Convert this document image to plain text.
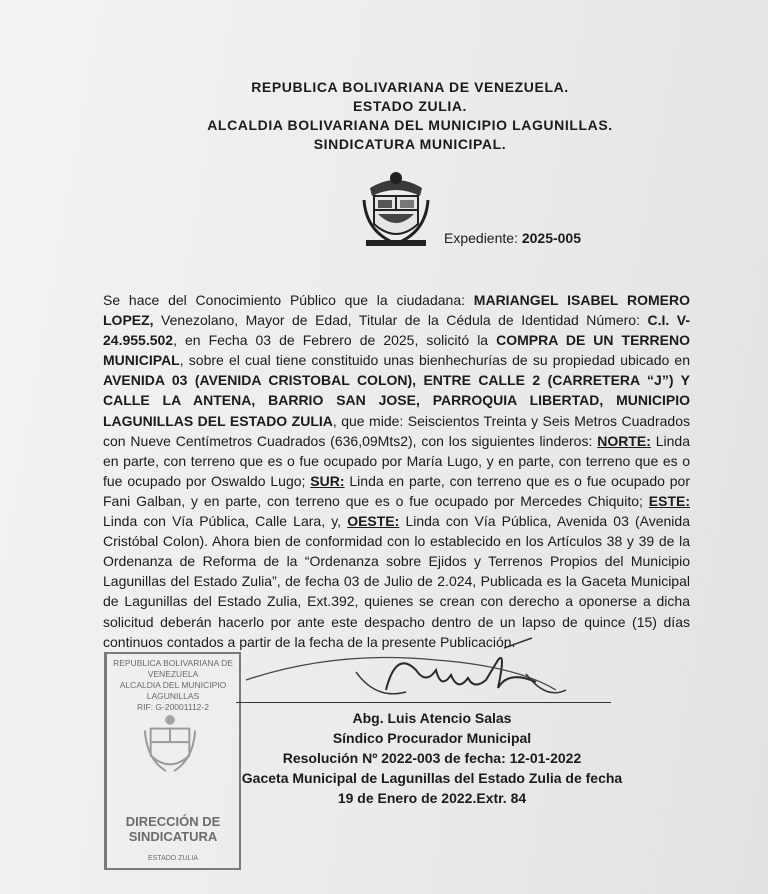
REPUBLICA BOLIVARIANA DE VENEZUELA.
ESTADO ZULIA.
ALCALDIA BOLIVARIANA DEL MUNICIPIO LAGUNILLAS.
SINDICATURA MUNICIPAL.
Expediente: 2025-005
Se hace del Conocimiento Público que la ciudadana: MARIANGEL ISABEL ROMERO LOPEZ, Venezolano, Mayor de Edad, Titular de la Cédula de Identidad Número: C.I. V-24.955.502, en Fecha 03 de Febrero de 2025, solicitó la COMPRA DE UN TERRENO MUNICIPAL, sobre el cual tiene constituido unas bienhechurías de su propiedad ubicado en AVENIDA 03 (AVENIDA CRISTOBAL COLON), ENTRE CALLE 2 (CARRETERA “J”) Y CALLE LA ANTENA, BARRIO SAN JOSE, PARROQUIA LIBERTAD, MUNICIPIO LAGUNILLAS DEL ESTADO ZULIA, que mide: Seiscientos Treinta y Seis Metros Cuadrados con Nueve Centímetros Cuadrados (636,09Mts2), con los siguientes linderos: NORTE: Linda en parte, con terreno que es o fue ocupado por María Lugo, y en parte, con terreno que es o fue ocupado por Oswaldo Lugo; SUR: Linda en parte, con terreno que es o fue ocupado por Fani Galban, y en parte, con terreno que es o fue ocupado por Mercedes Chiquito; ESTE: Linda con Vía Pública, Calle Lara, y, OESTE: Linda con Vía Pública, Avenida 03 (Avenida Cristóbal Colon). Ahora bien de conformidad con lo establecido en los Artículos 38 y 39 de la Ordenanza de Reforma de la “Ordenanza sobre Ejidos y Terrenos Propios del Municipio Lagunillas del Estado Zulia”, de fecha 03 de Julio de 2.024, Publicada es la Gaceta Municipal de Lagunillas del Estado Zulia, Ext.392, quienes se crean con derecho a oponerse a dicha solicitud deberán hacerlo por ante este despacho dentro de un lapso de quince (15) días continuos contados a partir de la fecha de la presente Publicación.
REPUBLICA BOLIVARIANA DE VENEZUELA
ALCALDIA DEL MUNICIPIO LAGUNILLAS
RIF: G-20001112-2
DIRECCIÓN DE
SINDICATURA
ESTADO ZULIA
Abg. Luis Atencio Salas
Síndico Procurador Municipal
Resolución Nº 2022-003 de fecha: 12-01-2022
Gaceta Municipal de Lagunillas del Estado Zulia de fecha
19 de Enero de 2022.Extr. 84
